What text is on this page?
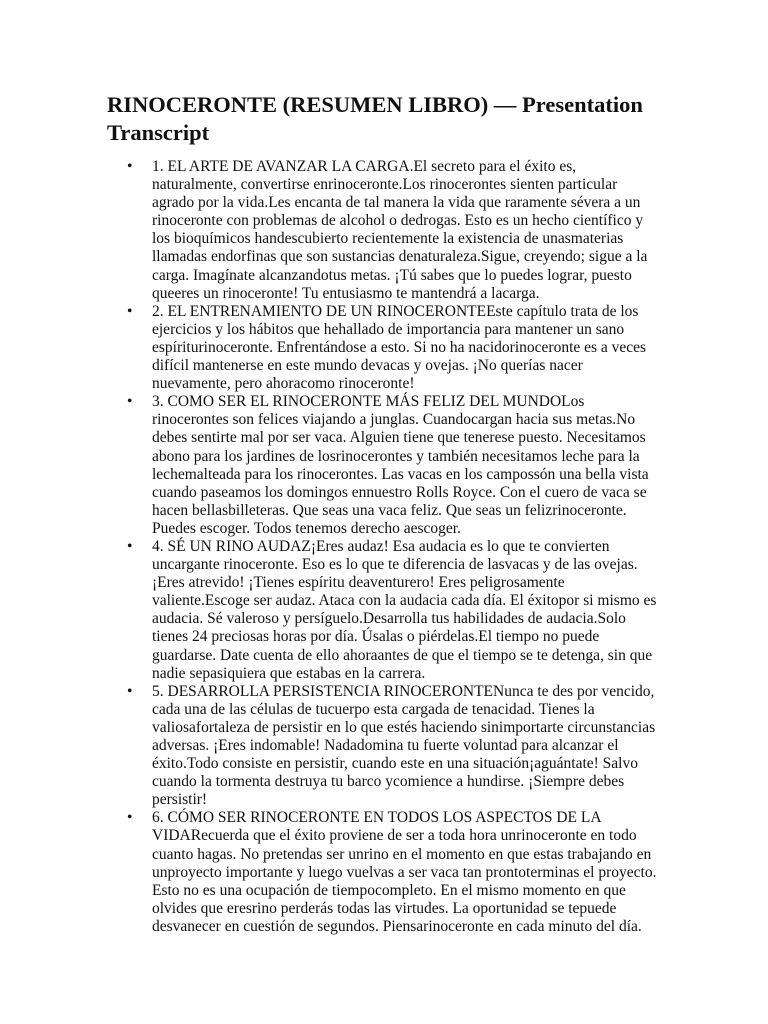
RINOCERONTE (RESUMEN LIBRO) — Presentation Transcript
• 1. EL ARTE DE AVANZAR LA CARGA.El secreto para el éxito es, naturalmente, convertirse enrinoceronte.Los rinocerontes sienten particular agrado por la vida.Les encanta de tal manera la vida que raramente sévera a un rinoceronte con problemas de alcohol o dedrogas. Esto es un hecho científico y los bioquímicos handescubierto recientemente la existencia de unasmaterias llamadas endorfinas que son sustancias denaturaleza.Sigue, creyendo; sigue a la carga. Imagínate alcanzandotus metas. ¡Tú sabes que lo puedes lograr, puesto queeres un rinoceronte! Tu entusiasmo te mantendrá a lacarga.
• 2. EL ENTRENAMIENTO DE UN RINOCERONTEEste capítulo trata de los ejercicios y los hábitos que hehallado de importancia para mantener un sano espíriturinoceronte. Enfrentándose a esto. Si no ha nacidorinoceronte es a veces difícil mantenerse en este mundo devacas y ovejas. ¡No querías nacer nuevamente, pero ahoracomo rinoceronte!
• 3. COMO SER EL RINOCERONTE MÁS FELIZ DEL MUNDOLos rinocerontes son felices viajando a junglas. Cuandocargan hacia sus metas.No debes sentirte mal por ser vaca. Alguien tiene que tenerese puesto. Necesitamos abono para los jardines de losrinocerontes y también necesitamos leche para la lechemalteada para los rinocerontes. Las vacas en los campossón una bella vista cuando paseamos los domingos ennuestro Rolls Royce. Con el cuero de vaca se hacen bellasbilleteras. Que seas una vaca feliz. Que seas un felizrinoceronte. Puedes escoger. Todos tenemos derecho aescoger.
• 4. SÉ UN RINO AUDAZ¡Eres audaz! Esa audacia es lo que te convierten uncargante rinoceronte. Eso es lo que te diferencia de lasvacas y de las ovejas. ¡Eres atrevido! ¡Tienes espíritu deaventurero! Eres peligrosamente valiente.Escoge ser audaz. Ataca con la audacia cada día. El éxitopor si mismo es audacia. Sé valeroso y persíguelo.Desarrolla tus habilidades de audacia.Solo tienes 24 preciosas horas por día. Úsalas o piérdelas.El tiempo no puede guardarse. Date cuenta de ello ahoraantes de que el tiempo se te detenga, sin que nadie sepasiquiera que estabas en la carrera.
• 5. DESARROLLA PERSISTENCIA RINOCERONTENunca te des por vencido, cada una de las células de tucuerpo esta cargada de tenacidad. Tienes la valiosafortaleza de persistir en lo que estés haciendo sinimportarte circunstancias adversas. ¡Eres indomable! Nadadomina tu fuerte voluntad para alcanzar el éxito.Todo consiste en persistir, cuando este en una situación¡aguántate! Salvo cuando la tormenta destruya tu barco ycomience a hundirse. ¡Siempre debes persistir!
• 6. CÓMO SER RINOCERONTE EN TODOS LOS ASPECTOS DE LA VIDARecuerda que el éxito proviene de ser a toda hora unrinoceronte en todo cuanto hagas. No pretendas ser unrino en el momento en que estas trabajando en unproyecto importante y luego vuelvas a ser vaca tan prontoterminas el proyecto. Esto no es una ocupación de tiempocompleto. En el mismo momento en que olvides que eresrino perderás todas las virtudes. La oportunidad se tepuede desvanecer en cuestión de segundos. Piensarinoceronte en cada minuto del día.
